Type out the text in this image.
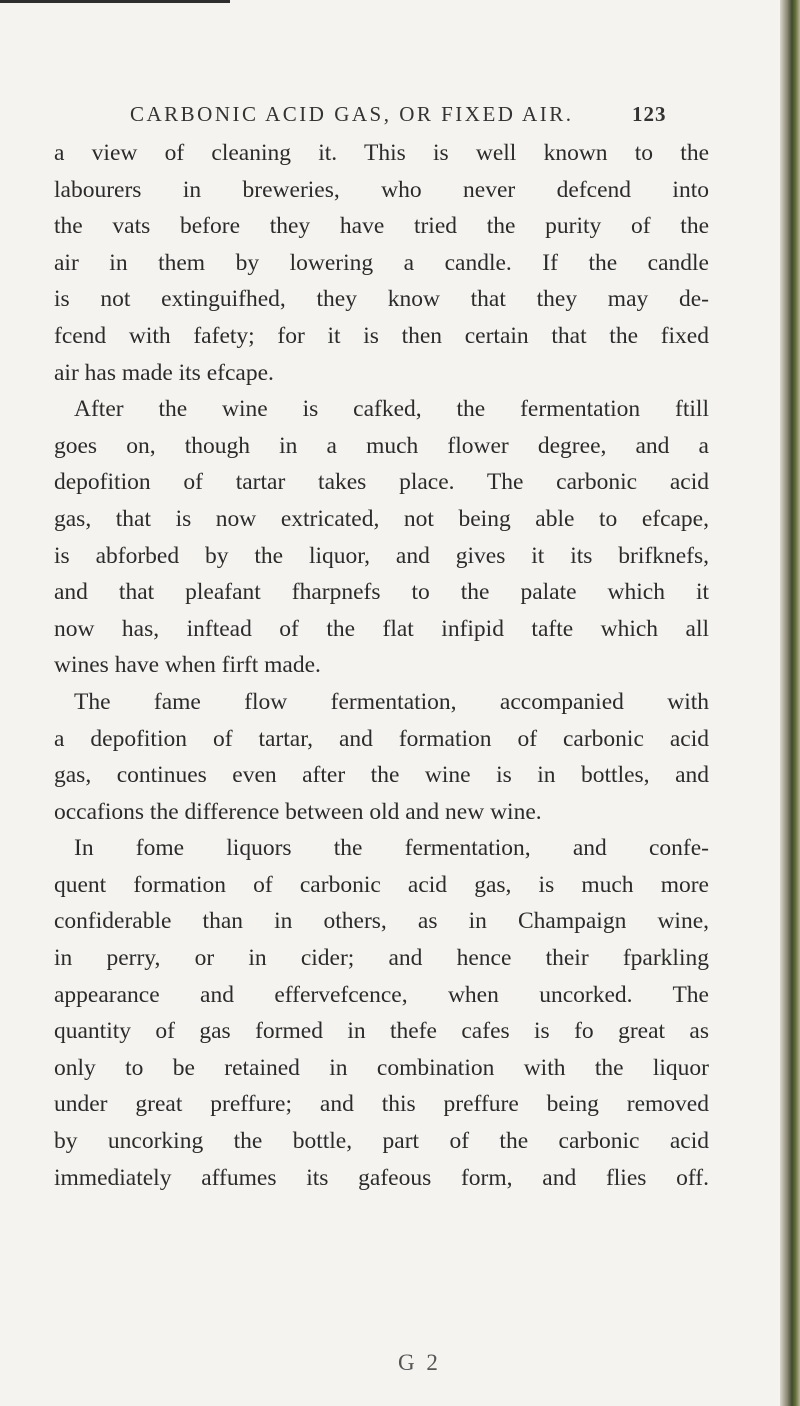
CARBONIC ACID GAS, OR FIXED AIR.	123
a view of cleaning it. This is well known to the
labourers in breweries, who never defcend into
the vats before they have tried the purity of the
air in them by lowering a candle. If the candle
is not extinguifhed, they know that they may de-
fcend with fafety; for it is then certain that the fixed
air has made its efcape.
After the wine is cafked, the fermentation ftill
goes on, though in a much flower degree, and a
depofition of tartar takes place. The carbonic acid
gas, that is now extricated, not being able to efcape,
is abforbed by the liquor, and gives it its brifknefs,
and that pleafant fharpnefs to the palate which it
now has, inftead of the flat infipid tafte which all
wines have when firft made.
The fame flow fermentation, accompanied with
a depofition of tartar, and formation of carbonic acid
gas, continues even after the wine is in bottles, and
occafions the difference between old and new wine.
In fome liquors the fermentation, and confe-
quent formation of carbonic acid gas, is much more
confiderable than in others, as in Champaign wine,
in perry, or in cider; and hence their fparkling
appearance and effervefcence, when uncorked. The
quantity of gas formed in thefe cafes is fo great as
only to be retained in combination with the liquor
under great preffure; and this preffure being removed
by uncorking the bottle, part of the carbonic acid
immediately affumes its gafeous form, and flies off.
G 2
